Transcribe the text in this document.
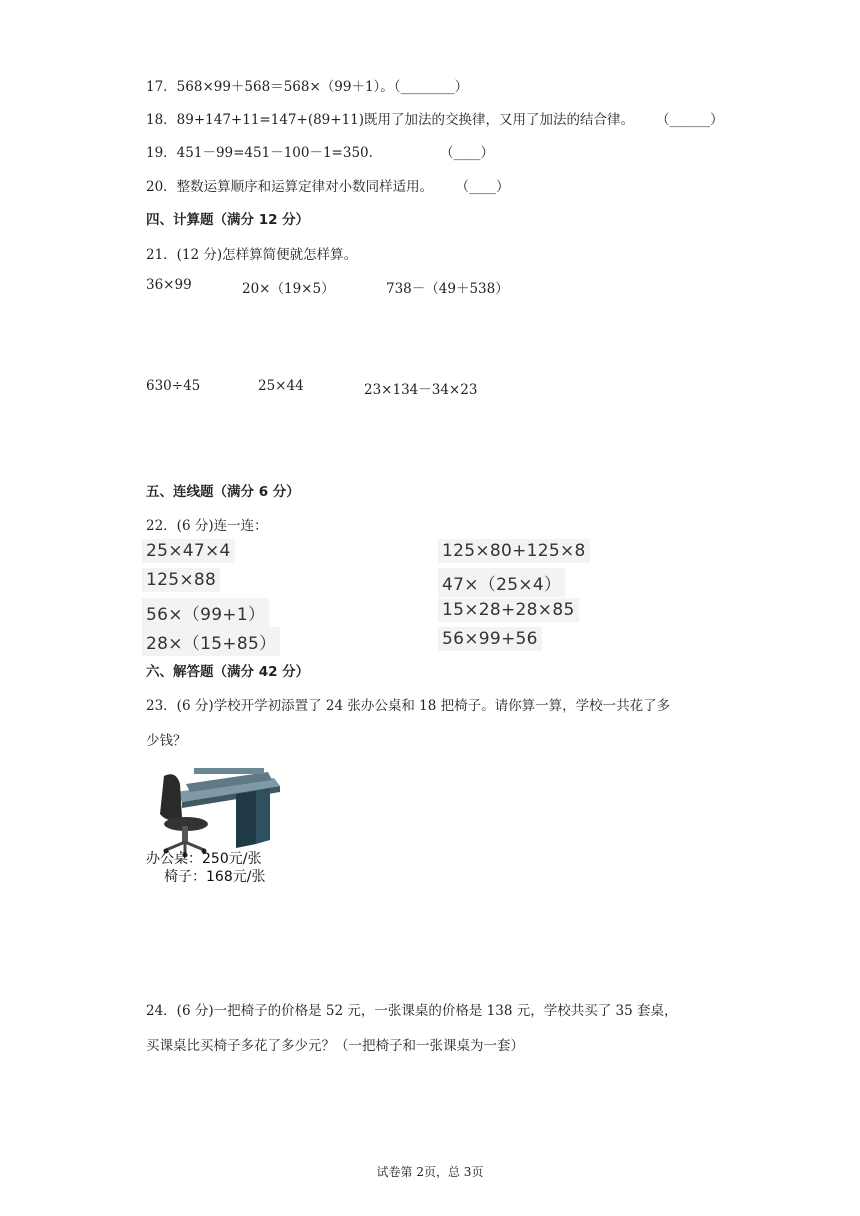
17．568×99＋568＝568×（99＋1）。（________）
18．89+147+11=147+(89+11)既用了加法的交换律，又用了加法的结合律。 （______）
19．451－99=451－100－1=350.	（____）
20．整数运算顺序和运算定律对小数同样适用。 （____）
四、计算题（满分 12 分）
21．(12 分)怎样算简便就怎样算。
36×99	20×（19×5）	738－（49＋538）
630÷45	25×44	23×134－34×23
五、连线题（满分 6 分）
22．(6 分)连一连：
25×47×4
125×88
56×（99+1）
28×（15+85）
125×80+125×8
47×（25×4）
15×28+28×85
56×99+56
六、解答题（满分 42 分）
23．(6 分)学校开学初添置了 24 张办公桌和 18 把椅子。请你算一算，学校一共花了多
少钱？
办公桌：250元/张
椅子：168元/张
24．(6 分)一把椅子的价格是 52 元，一张课桌的价格是 138 元，学校共买了 35 套桌，
买课桌比买椅子多花了多少元？（一把椅子和一张课桌为一套）
试卷第 2页，总 3页
